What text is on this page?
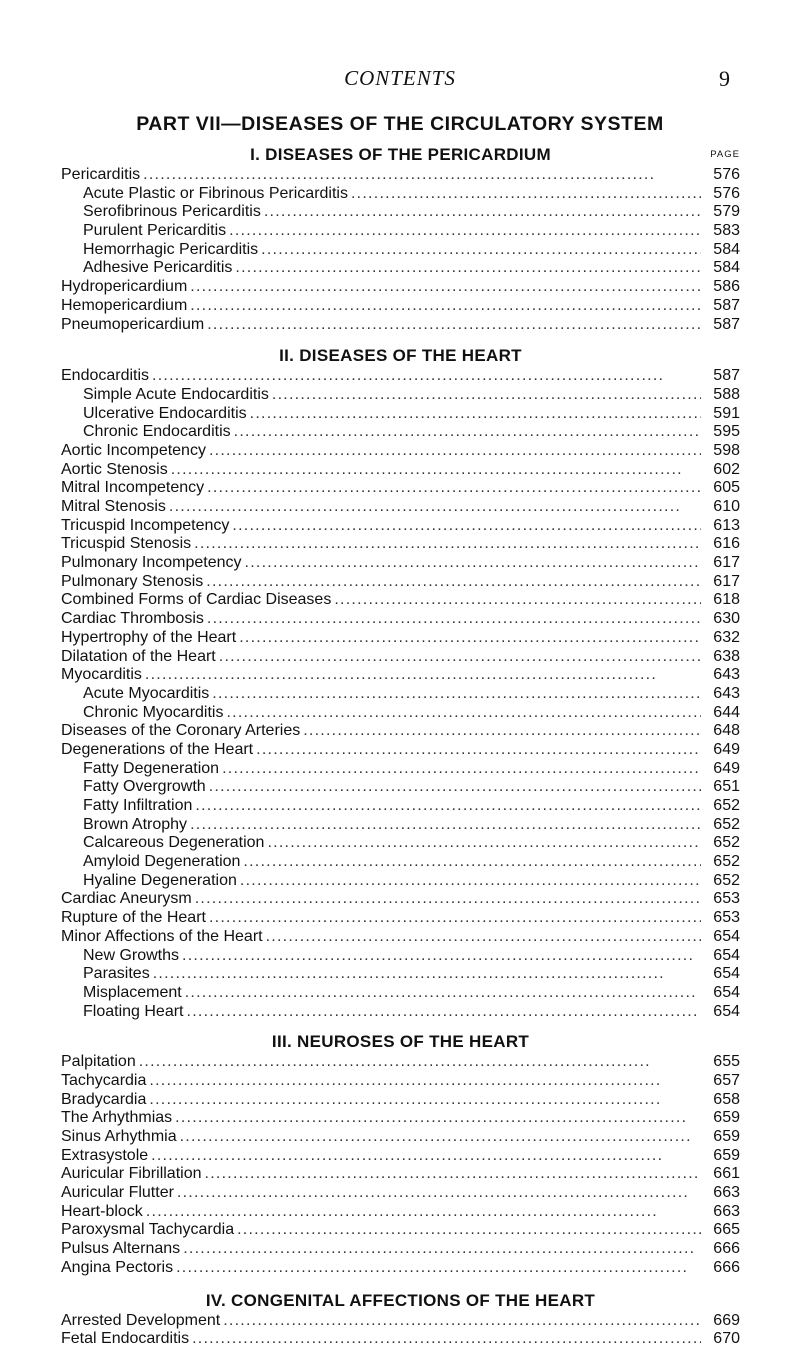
CONTENTS	9
PART VII—DISEASES OF THE CIRCULATORY SYSTEM
I. DISEASES OF THE PERICARDIUM	PAGE
Pericarditis . . .	576
Acute Plastic or Fibrinous Pericarditis . . .	576
Serofibrinous Pericarditis . . .	579
Purulent Pericarditis . . .	583
Hemorrhagic Pericarditis . . .	584
Adhesive Pericarditis . . .	584
Hydropericardium . . .	586
Hemopericardium . . .	587
Pneumopericardium . . .	587
II. DISEASES OF THE HEART
Endocarditis . . .	587
Simple Acute Endocarditis . . .	588
Ulcerative Endocarditis . . .	591
Chronic Endocarditis . . .	595
Aortic Incompetency . . .	598
Aortic Stenosis . . .	602
Mitral Incompetency . . .	605
Mitral Stenosis . . .	610
Tricuspid Incompetency . . .	613
Tricuspid Stenosis . . .	616
Pulmonary Incompetency . . .	617
Pulmonary Stenosis . . .	617
Combined Forms of Cardiac Diseases . . .	618
Cardiac Thrombosis . . .	630
Hypertrophy of the Heart . . .	632
Dilatation of the Heart . . .	638
Myocarditis . . .	643
Acute Myocarditis . . .	643
Chronic Myocarditis . . .	644
Diseases of the Coronary Arteries . . .	648
Degenerations of the Heart . . .	649
Fatty Degeneration . . .	649
Fatty Overgrowth . . .	651
Fatty Infiltration . . .	652
Brown Atrophy . . .	652
Calcareous Degeneration . . .	652
Amyloid Degeneration . . .	652
Hyaline Degeneration . . .	652
Cardiac Aneurysm . . .	653
Rupture of the Heart . . .	653
Minor Affections of the Heart . . .	654
New Growths . . .	654
Parasites . . .	654
Misplacement . . .	654
Floating Heart . . .	654
III. NEUROSES OF THE HEART
Palpitation . . .	655
Tachycardia . . .	657
Bradycardia . . .	658
The Arhythmias . . .	659
Sinus Arhythmia . . .	659
Extrasystole . . .	659
Auricular Fibrillation . . .	661
Auricular Flutter . . .	663
Heart-block . . .	663
Paroxysmal Tachycardia . . .	665
Pulsus Alternans . . .	666
Angina Pectoris . . .	666
IV. CONGENITAL AFFECTIONS OF THE HEART
Arrested Development . . .	669
Fetal Endocarditis . . .	670
